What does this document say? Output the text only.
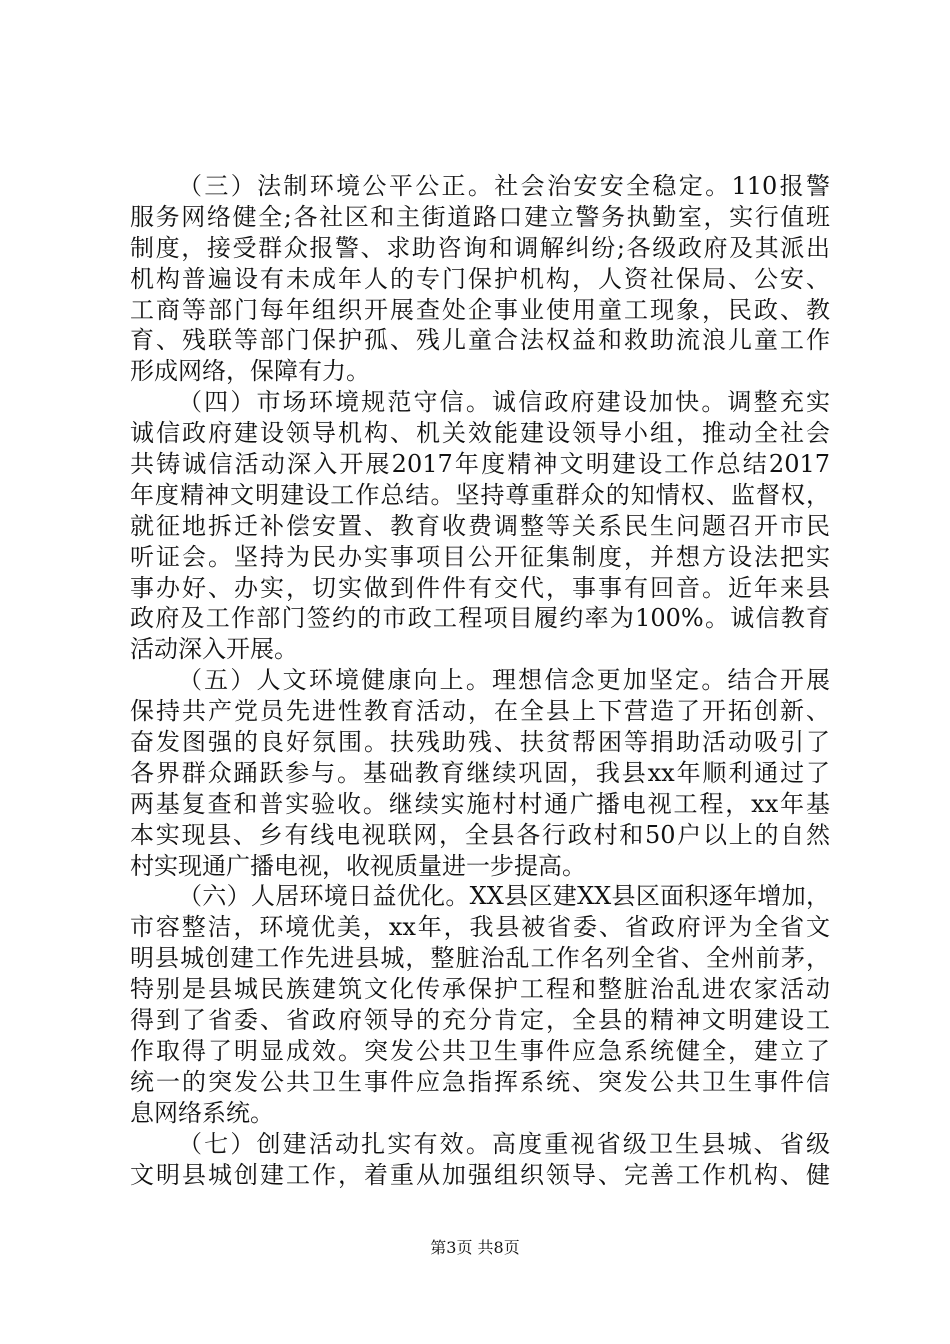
（三）法制环境公平公正。社会治安安全稳定。110报警
服务网络健全;各社区和主街道路口建立警务执勤室，实行值班
制度，接受群众报警、求助咨询和调解纠纷;各级政府及其派出
机构普遍设有未成年人的专门保护机构，人资社保局、公安、
工商等部门每年组织开展查处企事业使用童工现象，民政、教
育、残联等部门保护孤、残儿童合法权益和救助流浪儿童工作
形成网络，保障有力。
（四）市场环境规范守信。诚信政府建设加快。调整充实
诚信政府建设领导机构、机关效能建设领导小组，推动全社会
共铸诚信活动深入开展2017年度精神文明建设工作总结2017
年度精神文明建设工作总结。坚持尊重群众的知情权、监督权，
就征地拆迁补偿安置、教育收费调整等关系民生问题召开市民
听证会。坚持为民办实事项目公开征集制度，并想方设法把实
事办好、办实，切实做到件件有交代，事事有回音。近年来县
政府及工作部门签约的市政工程项目履约率为100%。诚信教育
活动深入开展。
（五）人文环境健康向上。理想信念更加坚定。结合开展
保持共产党员先进性教育活动，在全县上下营造了开拓创新、
奋发图强的良好氛围。扶残助残、扶贫帮困等捐助活动吸引了
各界群众踊跃参与。基础教育继续巩固，我县xx年顺利通过了
两基复查和普实验收。继续实施村村通广播电视工程，xx年基
本实现县、乡有线电视联网，全县各行政村和50户以上的自然
村实现通广播电视，收视质量进一步提高。
（六）人居环境日益优化。XX县区建XX县区面积逐年增加，
市容整洁，环境优美，xx年，我县被省委、省政府评为全省文
明县城创建工作先进县城，整脏治乱工作名列全省、全州前茅，
特别是县城民族建筑文化传承保护工程和整脏治乱进农家活动
得到了省委、省政府领导的充分肯定，全县的精神文明建设工
作取得了明显成效。突发公共卫生事件应急系统健全，建立了
统一的突发公共卫生事件应急指挥系统、突发公共卫生事件信
息网络系统。
（七）创建活动扎实有效。高度重视省级卫生县城、省级
文明县城创建工作，着重从加强组织领导、完善工作机构、健
第3页 共8页
